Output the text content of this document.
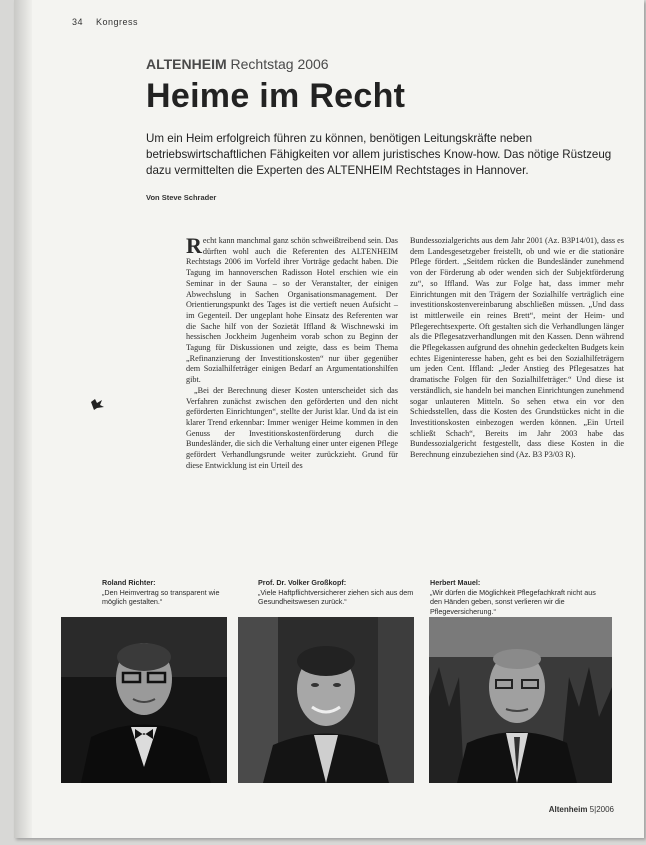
34 Kongress
ALTENHEIM Rechtstag 2006
Heime im Recht

Um ein Heim erfolgreich führen zu können, benötigen Leitungskräfte neben betriebswirtschaftlichen Fähigkeiten vor allem juristisches Know-how. Das nötige Rüstzeug dazu vermittelten die Experten des ALTENHEIM Rechtstages in Hannover.

Von Steve Schrader

Recht kann manchmal ganz schön schweißtreibend sein. Das dürften wohl auch die Referenten des ALTENHEIM Rechtstags 2006 im Vorfeld ihrer Vorträge gedacht haben. Die Tagung im hannoverschen Radisson Hotel erschien wie ein Seminar in der Sauna – so der Veranstalter, der einigen Abwechslung in Sachen Organisationsmanagement. Der Orientierungspunkt des Tages ist die vertieft neuen Aufsicht – im Gegenteil. Der ungeplant hohe Einsatz des Referenten war die Sache hilf von der Sozietät Iffland & Wischnewski im hessischen Jockheim Jugenheim vorab schon zu Beginn der Tagung für Diskussionen und zeigte, dass es beim Thema „Refinanzierung der Investitionskosten“ nur über gegenüber dem Sozialhilfeträger einigen Bedarf an Argumentationshilfen gibt.

„Bei der Berechnung dieser Kosten unterscheidet sich das Verfahren zunächst zwischen den geförderten und den nicht geförderten Einrichtungen“, stellte der Jurist klar. Und da ist ein klarer Trend erkennbar: Immer weniger Heime kommen in den Genuss der Investitionskostenförderung durch die Bundesländer, die sich die Verhaltung einer unter eigenen Pflege gefördert Verhandlungsrunde weiter zurückzieht. Grund für diese Entwicklung ist ein Urteil des

Bundessozialgerichts aus dem Jahr 2001 (Az. B3P14/01), dass es dem Landesgesetzgeber freistellt, ob und wie er die stationäre Pflege fördert. „Seitdem rücken die Bundesländer zunehmend von der Förderung ab oder wenden sich der Subjektförderung zu“, so Iffland. Was zur Folge hat, dass immer mehr Einrichtungen mit den Trägern der Sozialhilfe verträglich eine investitionskostenvereinbarung abschließen müssen. „Und dass ist mittlerweile ein reines Brett“, meint der Heim- und Pflegerechtsexperte. Oft gestalten sich die Verhandlungen länger als die Pflegesatzverhandlungen mit den Kassen. Denn während die Pflegekassen aufgrund des ohnehin gedeckelten Budgets kein echtes Eigeninteresse haben, geht es bei den Sozialhilfeträgern um jeden Cent. Iffland: „Jeder Anstieg des Pflegesatzes hat dramatische Folgen für den Sozialhilfeträger.“ Und diese ist verständlich, sie handeln bei manchen Einrichtungen zunehmend sogar unlauteren Mitteln. So sehen etwa ein vor den Schiedsstellen, dass die Kosten des Grundstückes nicht in die Investitionskosten einbezogen werden können. „Ein Urteil schließt Schach“, Bereits im Jahr 2003 habe das Bundessozialgericht festgestellt, dass diese Kosten in die Berechnung einzubeziehen sind (Az. B3 P3/03 R).

Roland Richter:
„Den Heimvertrag so transparent wie möglich gestalten.“
Prof. Dr. Volker Großkopf:
„Viele Haftpflichtversicherer ziehen sich aus dem Gesundheitswesen zurück.“
Herbert Mauel:
„Wir dürfen die Möglichkeit Pflegefachkraft nicht aus den Händen geben, sonst verlieren wir die Pflegeversicherung.“
Altenheim 5|2006
